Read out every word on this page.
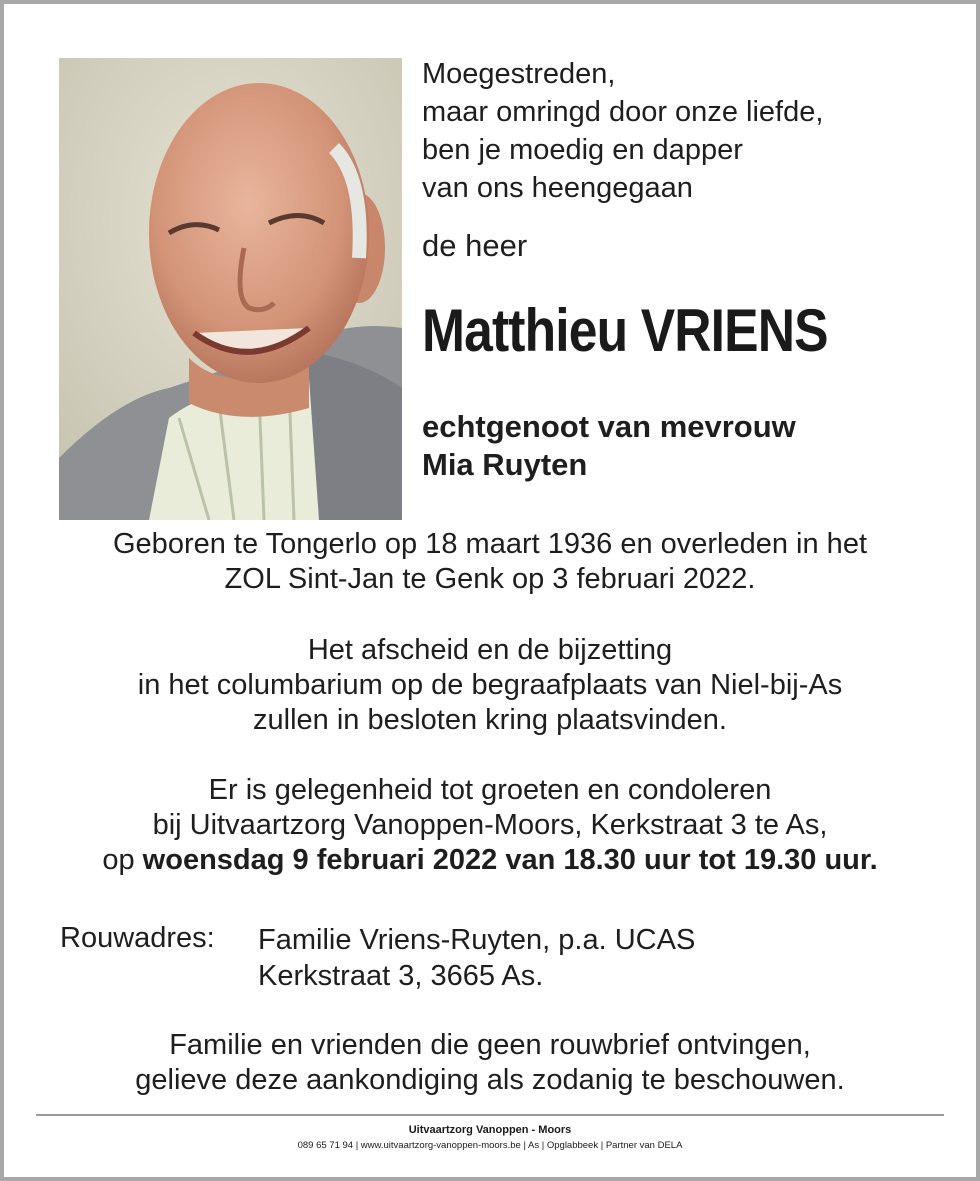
Moegestreden,
maar omringd door onze liefde,
ben je moedig en dapper
van ons heengegaan
de heer
Matthieu VRIENS
echtgenoot van mevrouw
Mia Ruyten
Geboren te Tongerlo op 18 maart 1936 en overleden in het
ZOL Sint-Jan te Genk op 3 februari 2022.
Het afscheid en de bijzetting
in het columbarium op de begraafplaats van Niel-bij-As
zullen in besloten kring plaatsvinden.
Er is gelegenheid tot groeten en condoleren
bij Uitvaartzorg Vanoppen-Moors, Kerkstraat 3 te As,
op woensdag 9 februari 2022 van 18.30 uur tot 19.30 uur.
Rouwadres: Familie Vriens-Ruyten, p.a. UCAS
Kerkstraat 3, 3665 As.
Familie en vrienden die geen rouwbrief ontvingen,
gelieve deze aankondiging als zodanig te beschouwen.
Uitvaartzorg Vanoppen - Moors
089 65 71 94 | www.uitvaartzorg-vanoppen-moors.be | As | Opglabbeek | Partner van DELA
